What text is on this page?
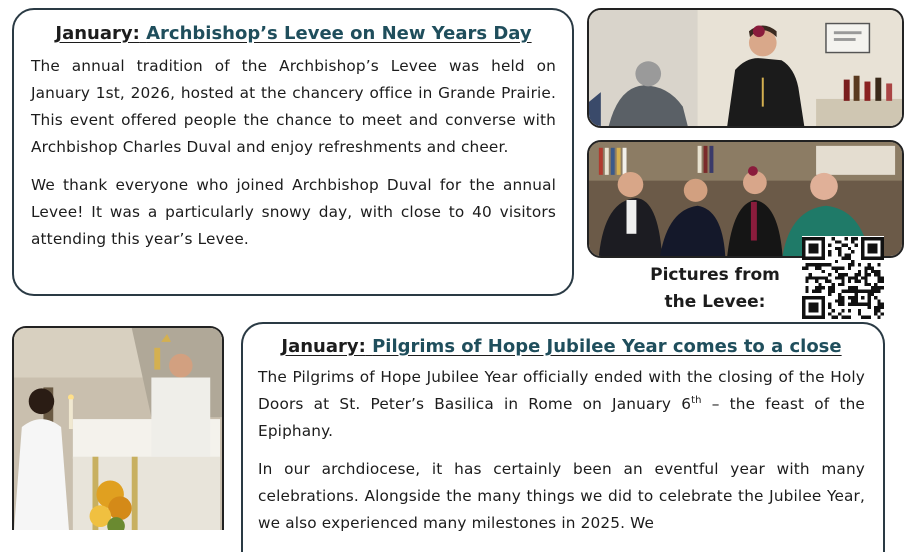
January: Archbishop’s Levee on New Years Day

The annual tradition of the Archbishop’s Levee was held on January 1st, 2026, hosted at the chancery office in Grande Prairie. This event offered people the chance to meet and converse with Archbishop Charles Duval and enjoy refreshments and cheer.

We thank everyone who joined Archbishop Duval for the annual Levee! It was a particularly snowy day, with close to 40 visitors attending this year’s Levee.

Pictures from
the Levee:
January: Pilgrims of Hope Jubilee Year comes to a close

The Pilgrims of Hope Jubilee Year officially ended with the closing of the Holy Doors at St. Peter’s Basilica in Rome on January 6th – the feast of the Epiphany.

In our archdiocese, it has certainly been an eventful year with many celebrations. Alongside the many things we did to celebrate the Jubilee Year, we also experienced many milestones in 2025. We
